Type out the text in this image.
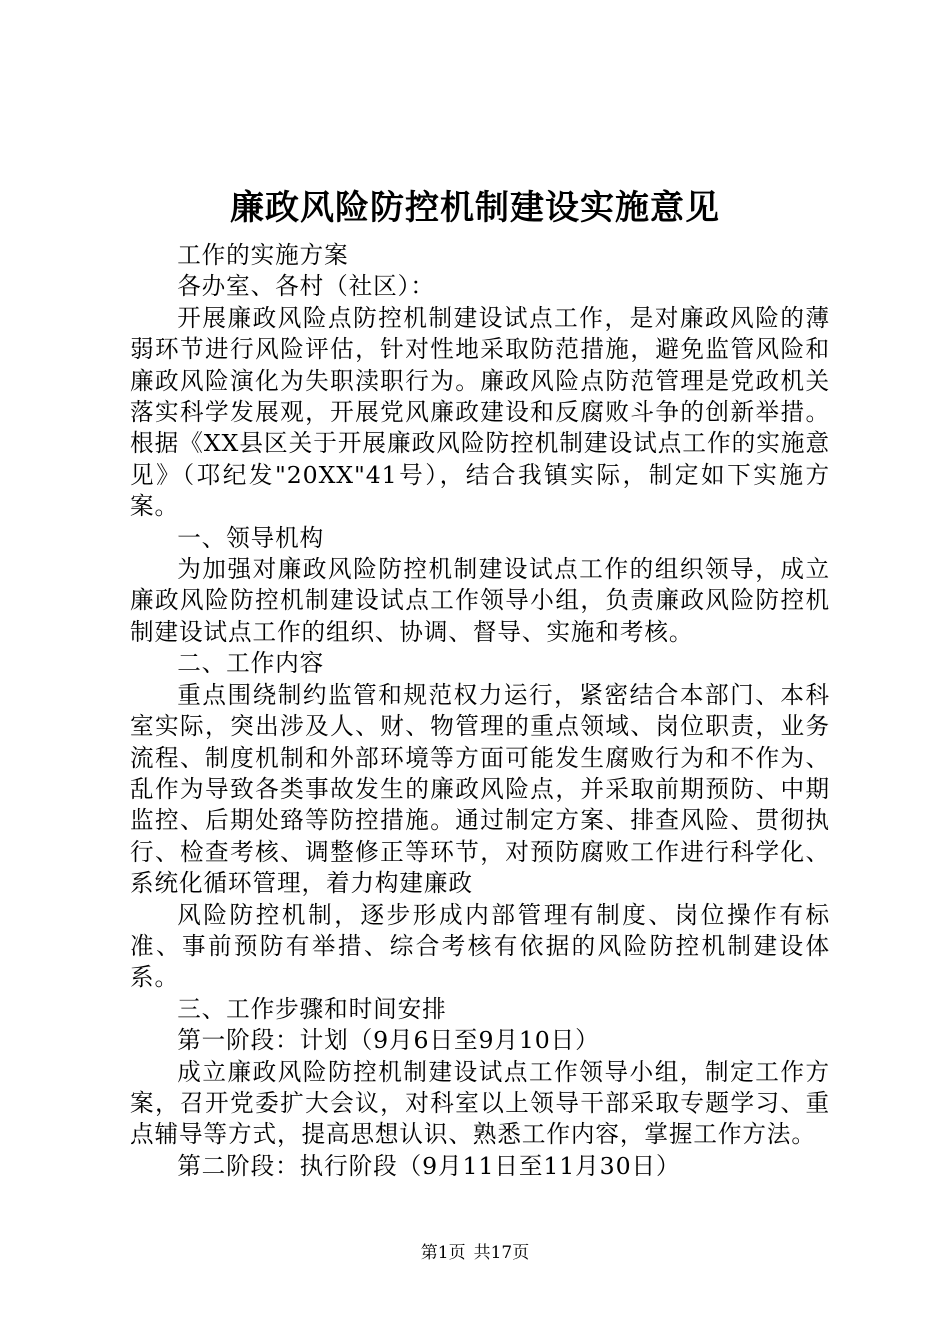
廉政风险防控机制建设实施意见

工作的实施方案

各办室、各村（社区）：

开展廉政风险点防控机制建设试点工作，是对廉政风险的薄弱环节进行风险评估，针对性地采取防范措施，避免监管风险和廉政风险演化为失职渎职行为。廉政风险点防范管理是党政机关落实科学发展观，开展党风廉政建设和反腐败斗争的创新举措。根据《XX县区关于开展廉政风险防控机制建设试点工作的实施意见》（邛纪发"20XX"41号），结合我镇实际，制定如下实施方案。

一、领导机构

为加强对廉政风险防控机制建设试点工作的组织领导，成立廉政风险防控机制建设试点工作领导小组，负责廉政风险防控机制建设试点工作的组织、协调、督导、实施和考核。

二、工作内容

重点围绕制约监管和规范权力运行，紧密结合本部门、本科室实际，突出涉及人、财、物管理的重点领域、岗位职责，业务流程、制度机制和外部环境等方面可能发生腐败行为和不作为、乱作为导致各类事故发生的廉政风险点，并采取前期预防、中期监控、后期处臵等防控措施。通过制定方案、排查风险、贯彻执行、检查考核、调整修正等环节，对预防腐败工作进行科学化、系统化循环管理，着力构建廉政

风险防控机制，逐步形成内部管理有制度、岗位操作有标准、事前预防有举措、综合考核有依据的风险防控机制建设体系。

三、工作步骤和时间安排

第一阶段：计划（9月6日至9月10日）

成立廉政风险防控机制建设试点工作领导小组，制定工作方案，召开党委扩大会议，对科室以上领导干部采取专题学习、重点辅导等方式，提高思想认识、熟悉工作内容，掌握工作方法。

第二阶段：执行阶段（9月11日至11月30日）

第1页 共17页
